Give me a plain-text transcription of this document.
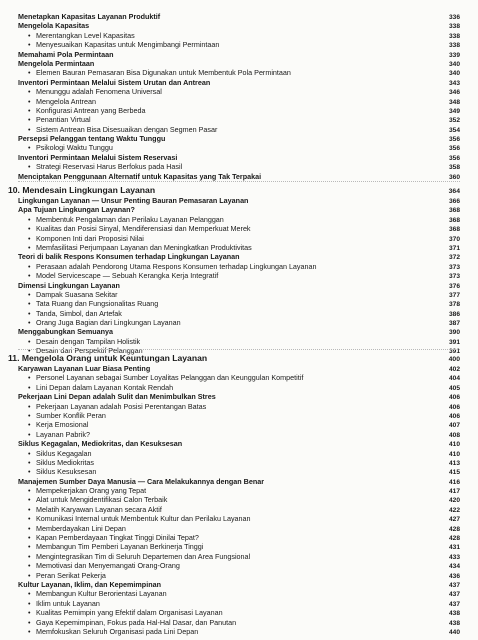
Menetapkan Kapasitas Layanan Produktif	336
Mengelola Kapasitas	338
• Merentangkan Level Kapasitas	338
• Menyesuaikan Kapasitas untuk Mengimbangi Permintaan	338
Memahami Pola Permintaan	339
Mengelola Permintaan	340
• Elemen Bauran Pemasaran Bisa Digunakan untuk Membentuk Pola Permintaan	340
Inventori Permintaan Melalui Sistem Urutan dan Antrean	343
• Menunggu adalah Fenomena Universal	346
• Mengelola Antrean	348
• Konfigurasi Antrean yang Berbeda	349
• Penantian Virtual	352
• Sistem Antrean Bisa Disesuaikan dengan Segmen Pasar	354
Persepsi Pelanggan tentang Waktu Tunggu	356
• Psikologi Waktu Tunggu	356
Inventori Permintaan Melalui Sistem Reservasi	356
• Strategi Reservasi Harus Berfokus pada Hasil	358
Menciptakan Penggunaan Alternatif untuk Kapasitas yang Tak Terpakai	360
10. Mendesain Lingkungan Layanan	364
Lingkungan Layanan — Unsur Penting Bauran Pemasaran Layanan	366
Apa Tujuan Lingkungan Layanan?	368
• Membentuk Pengalaman dan Perilaku Layanan Pelanggan	368
• Kualitas dan Posisi Sinyal, Mendiferensiasi dan Memperkuat Merek	368
• Komponen Inti dari Proposisi Nilai	370
• Memfasilitasi Perjumpaan Layanan dan Meningkatkan Produktivitas	371
Teori di balik Respons Konsumen terhadap Lingkungan Layanan	372
• Perasaan adalah Pendorong Utama Respons Konsumen terhadap Lingkungan Layanan	373
• Model Servicescape — Sebuah Kerangka Kerja Integratif	373
Dimensi Lingkungan Layanan	376
• Dampak Suasana Sekitar	377
• Tata Ruang dan Fungsionalitas Ruang	378
• Tanda, Simbol, dan Artefak	386
• Orang Juga Bagian dari Lingkungan Layanan	387
Menggabungkan Semuanya	390
• Desain dengan Tampilan Holistik	391
• Desain dari Perspektif Pelanggan	391
11. Mengelola Orang untuk Keuntungan Layanan	400
Karyawan Layanan Luar Biasa Penting	402
• Personel Layanan sebagai Sumber Loyalitas Pelanggan dan Keunggulan Kompetitif	404
• Lini Depan dalam Layanan Kontak Rendah	405
Pekerjaan Lini Depan adalah Sulit dan Menimbulkan Stres	406
• Pekerjaan Layanan adalah Posisi Perentangan Batas	406
• Sumber Konflik Peran	406
• Kerja Emosional	407
• Layanan Pabrik?	408
Siklus Kegagalan, Mediokritas, dan Kesuksesan	410
• Siklus Kegagalan	410
• Siklus Mediokritas	413
• Siklus Kesuksesan	415
Manajemen Sumber Daya Manusia — Cara Melakukannya dengan Benar	416
• Mempekerjakan Orang yang Tepat	417
• Alat untuk Mengidentifikasi Calon Terbaik	420
• Melatih Karyawan Layanan secara Aktif	422
• Komunikasi Internal untuk Membentuk Kultur dan Perilaku Layanan	427
• Memberdayakan Lini Depan	428
• Kapan Pemberdayaan Tingkat Tinggi Dinilai Tepat?	428
• Membangun Tim Pemberi Layanan Berkinerja Tinggi	431
• Mengintegrasikan Tim di Seluruh Departemen dan Area Fungsional	433
• Memotivasi dan Menyemangati Orang-Orang	434
• Peran Serikat Pekerja	436
Kultur Layanan, Iklim, dan Kepemimpinan	437
• Membangun Kultur Berorientasi Layanan	437
• Iklim untuk Layanan	437
• Kualitas Pemimpin yang Efektif dalam Organisasi Layanan	438
• Gaya Kepemimpinan, Fokus pada Hal-Hal Dasar, dan Panutan	438
• Memfokuskan Seluruh Organisasi pada Lini Depan	440
